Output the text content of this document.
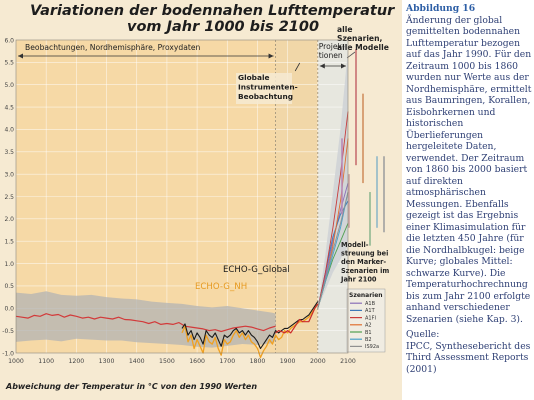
Beobachtungen, Nordhemisphäre, Proxydaten	Projek-
tionen
Globale
Instrumenten-
Beobachtung
alle
Szenarien,
alle Modelle
Modell-
streuung bei
den Marker-
Szenarien im
Jahr 2100
ECHO-G_Global
ECHO-G_NH
Szenarien
A1B
A1T
A1FI
A2
B1
B2
IS92a
-1.0
-0.5
0.0
0.5
1.0
1.5
2.0
2.5
3.0
3.5
4.0
4.5
5.0
5.5
6.0
1000 1100 1200 1300 1400 1500 1600 1700 1800 1900 2000 2100
Abweichung der Temperatur in °C von den 1990 Werten
Variationen der bodennahen Lufttemperatur
vom Jahr 1000 bis 2100
Abbildung 16
Änderung der global gemittelten bodennahen Lufttemperatur bezogen auf das Jahr 1990. Für den Zeitraum 1000 bis 1860 wurden nur Werte aus der Nordhemisphäre, ermittelt aus Baumringen, Korallen, Eisbohrkernen und historischen Überlieferungen hergeleitete Daten, verwendet. Der Zeitraum von 1860 bis 2000 basiert auf direkten atmosphärischen Messungen. Ebenfalls gezeigt ist das Ergebnis einer Klimasimulation für die letzten 450 Jahre (für die Nordhalbkugel: beige Kurve; globales Mittel: schwarze Kurve). Die Temperaturhochrechnung bis zum Jahr 2100 erfolgte anhand verschiedener Szenarien (siehe Kap. 3).
Quelle:
IPCC, Synthesebericht des Third Assessment Reports (2001)
